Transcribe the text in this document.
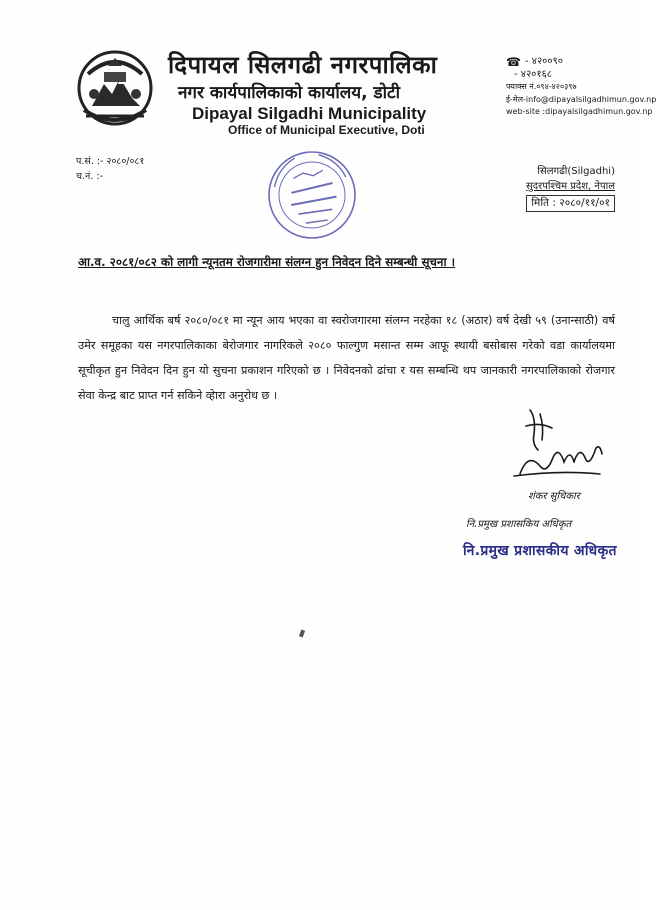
दिपायल सिलगढी नगरपालिका
नगर कार्यपालिकाको कार्यालय, डोटी
Dipayal Silgadhi Municipality
Office of Municipal Executive, Doti
☎ - ४२००९०
- ४२०१६८
फ्याक्स नं.०९४-४२०३९७
ई-मेल-info@dipayalsilgadhimun.gov.np
web-site :dipayalsilgadhimun.gov.np
प.सं. :- २०८०/०८१
च.नं. :-	सिलगढी(Silgadhi)
सुदरपश्चिम प्रदेश, नेपाल
मिति : २०८०/११/०१
आ.व. २०८१/०८२ को लागी न्यूनतम रोजगारीमा संलग्न हुन निवेदन दिने सम्बन्धी सूचना ।
चालु आर्थिक बर्ष २०८०/०८१ मा न्यून आय भएका वा स्वरोजगारमा संलग्न नरहेका १८ (अठार) वर्ष देखी ५९ (उनान्साठी) वर्ष उमेर समूहका यस नगरपालिकाका बेरोजगार नागरिकले २०८० फाल्गुण मसान्त सम्म आफू स्थायी बसोबास गरेको वडा कार्यालयमा सूचीकृत हुन निवेदन दिन हुन यो सुचना प्रकाशन गरिएको छ । निवेदनको ढांचा र यस सम्बन्धि थप जानकारी नगरपालिकाको रोजगार सेवा केन्द्र बाट प्राप्त गर्न सकिने व्हेारा अनुरोध छ ।
शंकर सुचिकार
नि.प्रमुख प्रशासकिय अधिकृत
नि.प्रमुख प्रशासकीय अधिकृत
